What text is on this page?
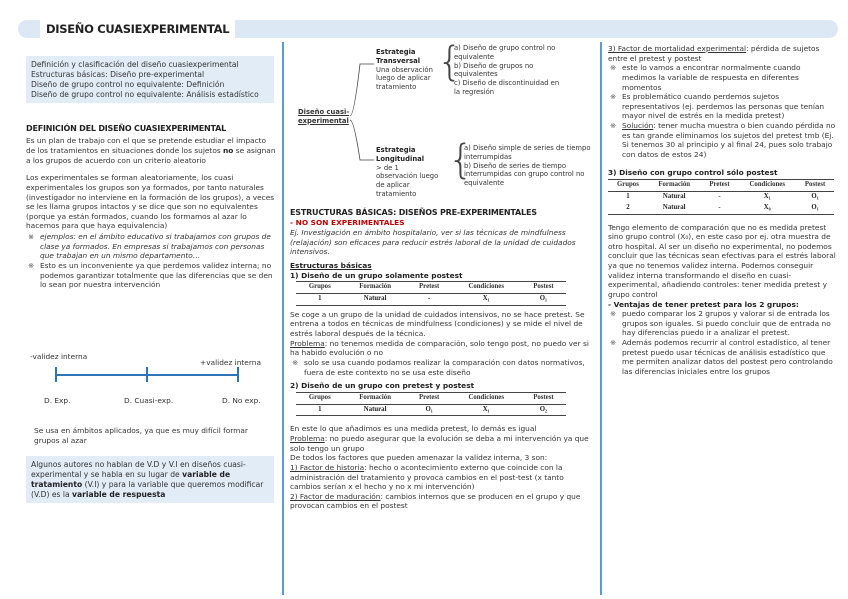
DISEÑO CUASIEXPERIMENTAL
Definición y clasificación del diseño cuasiexperimental
Estructuras básicas: Diseño pre-experimental
Diseño de grupo control no equivalente: Definición
Diseño de grupo control no equivalente: Análisis estadístico
DEFINICIÓN DEL DISEÑO CUASIEXPERIMENTAL

Es un plan de trabajo con el que se pretende estudiar el impacto de los tratamientos en situaciones donde los sujetos no se asignan a los grupos de acuerdo con un criterio aleatorio

Los experimentales se forman aleatoriamente, los cuasi experimentales los grupos son ya formados, por tanto naturales (investigador no interviene en la formación de los grupos), a veces se les llama grupos intactos y se dice que son no equivalentes (porque ya están formados, cuando los formamos al azar lo hacemos para que haya equivalencia)

※ ejemplos: en el ámbito educativo si trabajamos con grupos de clase ya formados. En empresas si trabajamos con personas que trabajan en un mismo departamento…
※ Esto es un inconveniente ya que perdemos validez interna; no podemos garantizar totalmente que las diferencias que se den lo sean por nuestra intervención
-validez interna
+validez interna
D. Exp.	D. Cuasi-exp.	D. No exp.
Se usa en ámbitos aplicados, ya que es muy difícil formar grupos al azar
Algunos autores no hablan de V.D y V.I en diseños cuasi-experimental y se habla en su lugar de variable de tratamiento (V.I) y para la variable que queremos modificar (V.D) es la variable de respuesta
Diseño cuasi-experimental
Estrategia Transversal
Una observación luego de aplicar tratamiento
{
a) Diseño de grupo control no equivalente
b) Diseño de grupos no equivalentes
c) Diseño de discontinuidad en la regresión
Estrategia Longitudinal
> de 1 observación luego de aplicar tratamiento
{
a) Diseño simple de series de tiempo interrumpidas
b) Diseño de series de tiempo interrumpidas con grupo control no equivalente
ESTRUCTURAS BÁSICAS: DISEÑOS PRE-EXPERIMENTALES
- NO SON EXPERIMENTALES

Ej. Investigación en ámbito hospitalario, ver si las técnicas de mindfulness (relajación) son eficaces para reducir estrés laboral de la unidad de cuidados intensivos.

Estructuras básicas
1) Diseño de un grupo solamente postest
Grupos	Formación	Pretest	Condiciones	Postest
1	Natural	-	X₁	O₁

Se coge a un grupo de la unidad de cuidados intensivos, no se hace pretest. Se entrena a todos en técnicas de mindfulness (condiciones) y se mide el nivel de estrés laboral después de la técnica.

Problema: no tenemos medida de comparación, solo tengo post, no puedo ver si ha habido evolución o no

※ solo se usa cuando podamos realizar la comparación con datos normativos, fuera de este contexto no se usa este diseño
2) Diseño de un grupo con pretest y postest
Grupos	Formación	Pretest	Condiciones	Postest
1	Natural	O₁	X₁	O₂

En este lo que añadimos es una medida pretest, lo demás es igual

Problema: no puedo asegurar que la evolución se deba a mi intervención ya que solo tengo un grupo

De todos los factores que pueden amenazar la validez interna, 3 son:

1) Factor de historia: hecho o acontecimiento externo que coincide con la administración del tratamiento y provoca cambios en el post-test (x tanto cambios serían x el hecho y no x mi intervención)

2) Factor de maduración: cambios internos que se producen en el grupo y que provocan cambios en el postest

3) Factor de mortalidad experimental: pérdida de sujetos entre el pretest y postest

※ este lo vamos a encontrar normalmente cuando medimos la variable de respuesta en diferentes momentos
※ Es problemático cuando perdemos sujetos representativos (ej. perdemos las personas que tenían mayor nivel de estrés en la medida pretest)
※ Solución: tener mucha muestra o bien cuando pérdida no es tan grande eliminamos los sujetos del pretest tmb (Ej. Si tenemos 30 al principio y al final 24, pues solo trabajo con datos de estos 24)
3) Diseño con grupo control sólo postest
Grupos	Formación	Pretest	Condiciones	Postest
1	Natural	-	X₁	O₁
2	Natural	-	X₀	O₁

Tengo elemento de comparación que no es medida pretest sino grupo control (X₀), en este caso por ej. otra muestra de otro hospital. Al ser un diseño no experimental, no podemos concluir que las técnicas sean efectivas para el estrés laboral ya que no tenemos validez interna. Podemos conseguir validez interna transformando el diseño en cuasi-experimental, añadiendo controles: tener medida pretest y grupo control

- Ventajas de tener pretest para los 2 grupos:
※ puedo comparar los 2 grupos y valorar si de entrada los grupos son iguales. Si puedo concluir que de entrada no hay diferencias puedo ir a analizar el pretest.
※ Además podemos recurrir al control estadístico, al tener pretest puedo usar técnicas de análisis estadístico que me permiten analizar datos del postest pero controlando las diferencias iniciales entre los grupos
